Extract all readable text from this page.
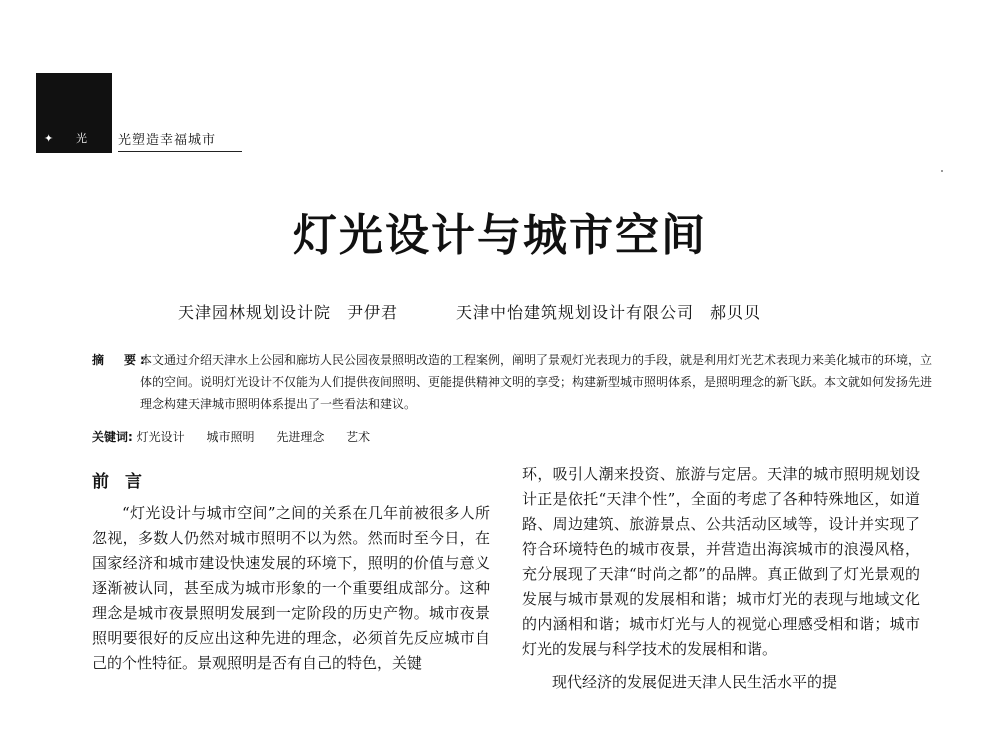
✦ 光 光塑造幸福城市
灯光设计与城市空间
天津园林规划设计院 尹伊君	天津中怡建筑规划设计有限公司 郝贝贝
摘　要:
本文通过介绍天津水上公园和廊坊人民公园夜景照明改造的工程案例，阐明了景观灯光表现力的手段，就是利用灯光艺术表现力来美化城市的环境，立体的空间。说明灯光设计不仅能为人们提供夜间照明、更能提供精神文明的享受；构建新型城市照明体系，是照明理念的新飞跃。本文就如何发扬先进理念构建天津城市照明体系提出了一些看法和建议。
关键词: 灯光设计 城市照明 先进理念 艺术
前言

“灯光设计与城市空间”之间的关系在几年前被很多人所忽视，多数人仍然对城市照明不以为然。然而时至今日，在国家经济和城市建设快速发展的环境下，照明的价值与意义逐渐被认同，甚至成为城市形象的一个重要组成部分。这种理念是城市夜景照明发展到一定阶段的历史产物。城市夜景照明要很好的反应出这种先进的理念，必须首先反应城市自己的个性特征。景观照明是否有自己的特色，关键

环，吸引人潮来投资、旅游与定居。天津的城市照明规划设计正是依托“天津个性”，全面的考虑了各种特殊地区，如道路、周边建筑、旅游景点、公共活动区域等，设计并实现了符合环境特色的城市夜景，并营造出海滨城市的浪漫风格，充分展现了天津“时尚之都”的品牌。真正做到了灯光景观的发展与城市景观的发展相和谐；城市灯光的表现与地域文化的内涵相和谐；城市灯光与人的视觉心理感受相和谐；城市灯光的发展与科学技术的发展相和谐。

现代经济的发展促进天津人民生活水平的提
